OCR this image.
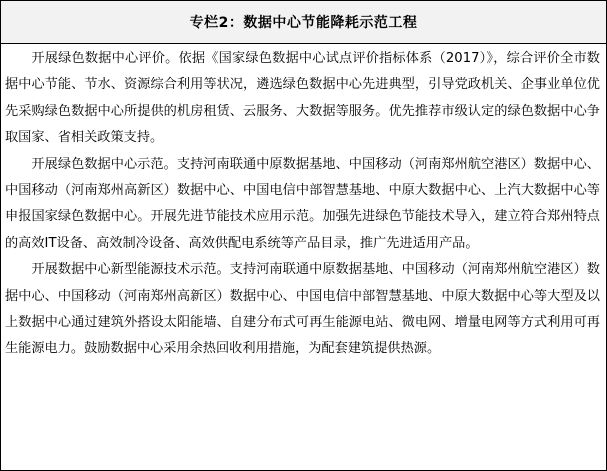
专栏2：数据中心节能降耗示范工程

开展绿色数据中心评价。依据《国家绿色数据中心试点评价指标体系（2017）》，综合评价全市数据中心节能、节水、资源综合利用等状况，遴选绿色数据中心先进典型，引导党政机关、企事业单位优先采购绿色数据中心所提供的机房租赁、云服务、大数据等服务。优先推荐市级认定的绿色数据中心争取国家、省相关政策支持。

开展绿色数据中心示范。支持河南联通中原数据基地、中国移动（河南郑州航空港区）数据中心、中国移动（河南郑州高新区）数据中心、中国电信中部智慧基地、中原大数据中心、上汽大数据中心等申报国家绿色数据中心。开展先进节能技术应用示范。加强先进绿色节能技术导入，建立符合郑州特点的高效IT设备、高效制冷设备、高效供配电系统等产品目录，推广先进适用产品。

开展数据中心新型能源技术示范。支持河南联通中原数据基地、中国移动（河南郑州航空港区）数据中心、中国移动（河南郑州高新区）数据中心、中国电信中部智慧基地、中原大数据中心等大型及以上数据中心通过建筑外搭设太阳能墙、自建分布式可再生能源电站、微电网、增量电网等方式利用可再生能源电力。鼓励数据中心采用余热回收利用措施，为配套建筑提供热源。
